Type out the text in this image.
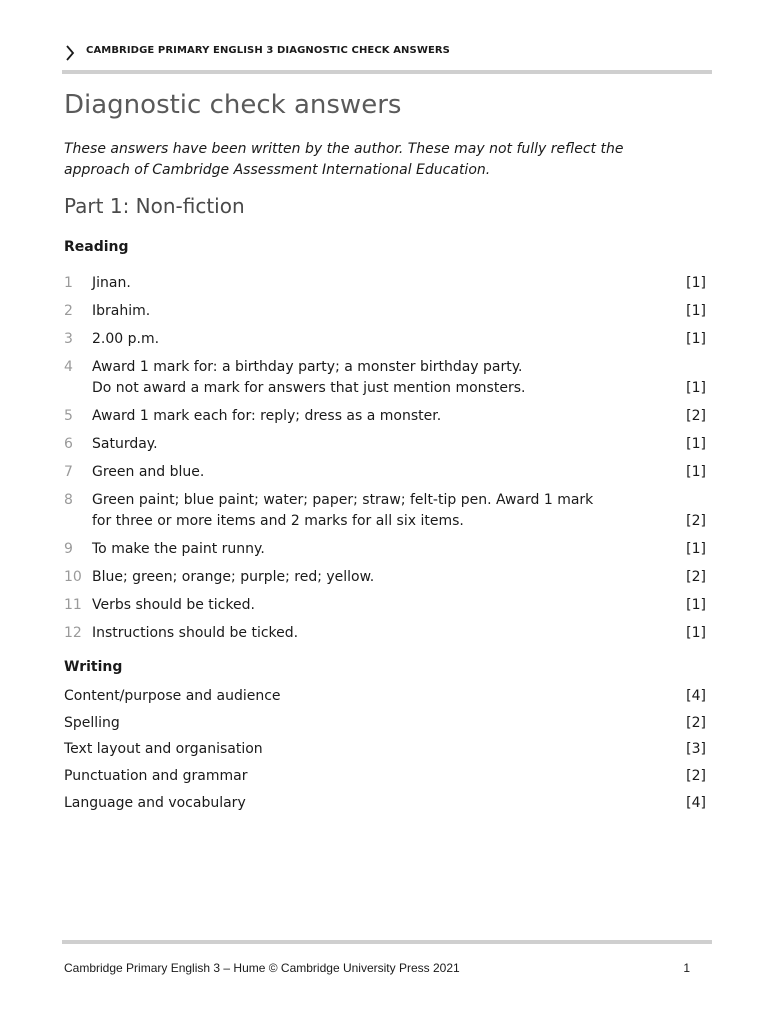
CAMBRIDGE PRIMARY ENGLISH 3 DIAGNOSTIC CHECK ANSWERS
Diagnostic check answers
These answers have been written by the author. These may not fully reflect the approach of Cambridge Assessment International Education.
Part 1: Non-fiction
Reading
1 Jinan.	[1]
2 Ibrahim.	[1]
3 2.00 p.m.	[1]
4 Award 1 mark for: a birthday party; a monster birthday party.
Do not award a mark for answers that just mention monsters.	[1]
5 Award 1 mark each for: reply; dress as a monster.	[2]
6 Saturday.	[1]
7 Green and blue.	[1]
8 Green paint; blue paint; water; paper; straw; felt-tip pen. Award 1 mark
for three or more items and 2 marks for all six items.	[2]
9 To make the paint runny.	[1]
10 Blue; green; orange; purple; red; yellow.	[2]
11 Verbs should be ticked.	[1]
12 Instructions should be ticked.	[1]
Writing
Content/purpose and audience	[4]
Spelling	[2]
Text layout and organisation	[3]
Punctuation and grammar	[2]
Language and vocabulary	[4]
Cambridge Primary English 3 – Hume © Cambridge University Press 2021	1
